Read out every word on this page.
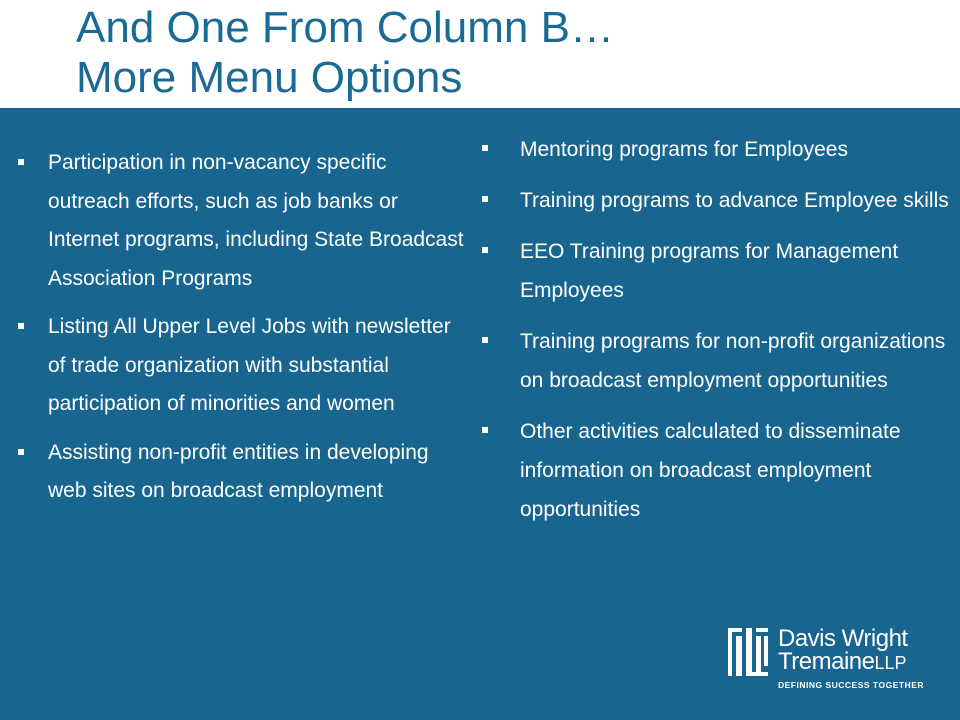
And One From Column B…
More Menu Options
Participation in non-vacancy specific outreach efforts, such as job banks or Internet programs, including State Broadcast Association Programs
Listing All Upper Level Jobs with newsletter of trade organization with substantial participation of minorities and women
Assisting non-profit entities in developing web sites on broadcast employment
Mentoring programs for Employees
Training programs to advance Employee skills
EEO Training programs for Management Employees
Training programs for non-profit organizations on broadcast employment opportunities
Other activities calculated to disseminate information on broadcast employment opportunities
Davis Wright
TremaineLLP
DEFINING SUCCESS TOGETHER
